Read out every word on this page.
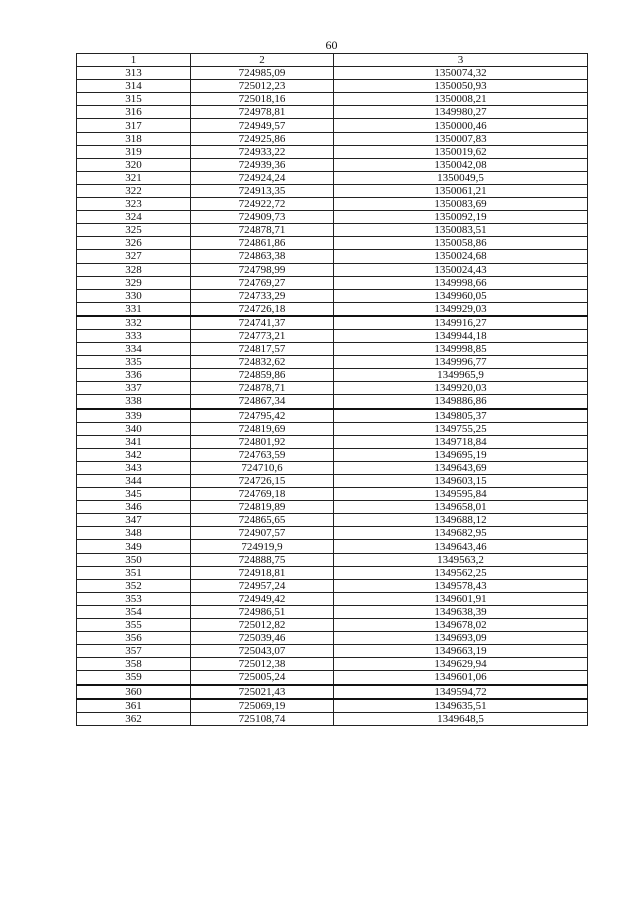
60
1	2	3
313	724985,09	1350074,32
314	725012,23	1350050,93
315	725018,16	1350008,21
316	724978,81	1349980,27
317	724949,57	1350000,46
318	724925,86	1350007,83
319	724933,22	1350019,62
320	724939,36	1350042,08
321	724924,24	1350049,5
322	724913,35	1350061,21
323	724922,72	1350083,69
324	724909,73	1350092,19
325	724878,71	1350083,51
326	724861,86	1350058,86
327	724863,38	1350024,68
328	724798,99	1350024,43
329	724769,27	1349998,66
330	724733,29	1349960,05
331	724726,18	1349929,03
332	724741,37	1349916,27
333	724773,21	1349944,18
334	724817,57	1349998,85
335	724832,62	1349996,77
336	724859,86	1349965,9
337	724878,71	1349920,03
338	724867,34	1349886,86
339	724795,42	1349805,37
340	724819,69	1349755,25
341	724801,92	1349718,84
342	724763,59	1349695,19
343	724710,6	1349643,69
344	724726,15	1349603,15
345	724769,18	1349595,84
346	724819,89	1349658,01
347	724865,65	1349688,12
348	724907,57	1349682,95
349	724919,9	1349643,46
350	724888,75	1349563,2
351	724918,81	1349562,25
352	724957,24	1349578,43
353	724949,42	1349601,91
354	724986,51	1349638,39
355	725012,82	1349678,02
356	725039,46	1349693,09
357	725043,07	1349663,19
358	725012,38	1349629,94
359	725005,24	1349601,06
360	725021,43	1349594,72
361	725069,19	1349635,51
362	725108,74	1349648,5
